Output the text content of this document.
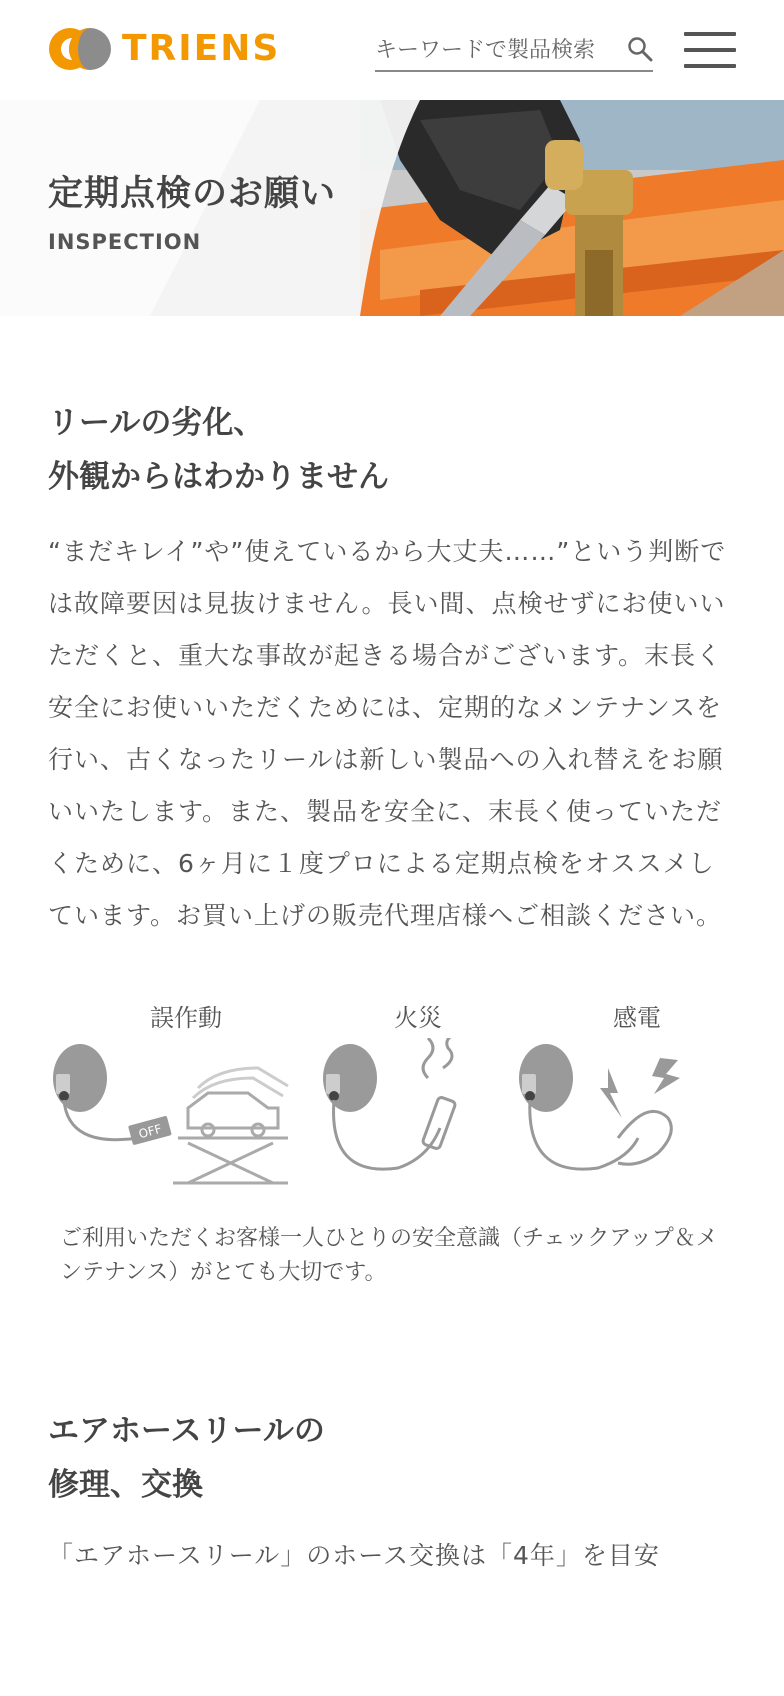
TRIENS
キーワードで製品検索
定期点検のお願い
INSPECTION
リールの劣化、
外観からはわかりません
“まだキレイ”や”使えているから大丈夫……”という判断では故障要因は見抜けません。長い間、点検せずにお使いいただくと、重大な事故が起きる場合がございます。末長く安全にお使いいただくためには、定期的なメンテナンスを行い、古くなったリールは新しい製品への入れ替えをお願いいたします。また、製品を安全に、末長く使っていただくために、6ヶ月に１度プロによる定期点検をオススメしています。お買い上げの販売代理店様へご相談ください。
誤作動	火災	感電
OFF
ご利用いただくお客様一人ひとりの安全意識（チェックアップ＆メンテナンス）がとても大切です。
エアホースリールの
修理、交換
「エアホースリール」のホース交換は「4年」を目安
